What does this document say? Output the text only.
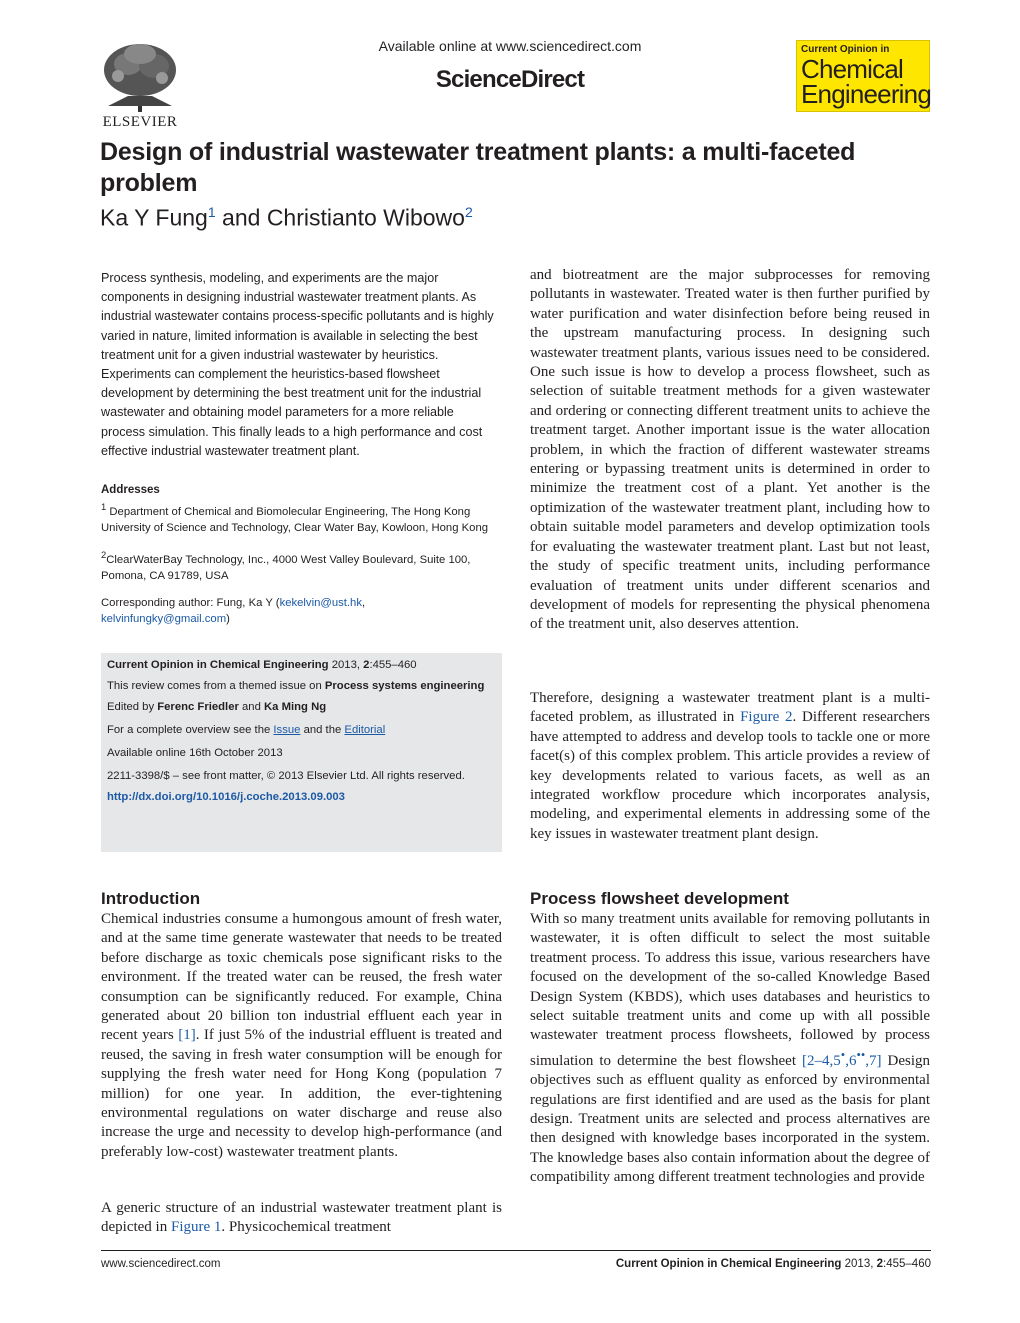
ELSEVIER
Available online at www.sciencedirect.com
ScienceDirect
Current Opinion in
Chemical
Engineering
Design of industrial wastewater treatment plants: a multi-faceted problem
Ka Y Fung$^1$ and Christianto Wibowo$^2$
Process synthesis, modeling, and experiments are the major components in designing industrial wastewater treatment plants. As industrial wastewater contains process-specific pollutants and is highly varied in nature, limited information is available in selecting the best treatment unit for a given industrial wastewater by heuristics. Experiments can complement the heuristics-based flowsheet development by determining the best treatment unit for the industrial wastewater and obtaining model parameters for a more reliable process simulation. This finally leads to a high performance and cost effective industrial wastewater treatment plant.
Addresses
$^1$ Department of Chemical and Biomolecular Engineering, The Hong Kong University of Science and Technology, Clear Water Bay, Kowloon, Hong Kong
$^2$ClearWaterBay Technology, Inc., 4000 West Valley Boulevard, Suite 100, Pomona, CA 91789, USA
Corresponding author: Fung, Ka Y (kekelvin@ust.hk,
kelvinfungky@gmail.com)
Current Opinion in Chemical Engineering 2013, 2:455–460
This review comes from a themed issue on Process systems engineering
Edited by Ferenc Friedler and Ka Ming Ng
For a complete overview see the Issue and the Editorial
Available online 16th October 2013
2211-3398/$ – see front matter, © 2013 Elsevier Ltd. All rights reserved.
http://dx.doi.org/10.1016/j.coche.2013.09.003

and biotreatment are the major subprocesses for removing pollutants in wastewater. Treated water is then further purified by water purification and water disinfection before being reused in the upstream manufacturing process. In designing such wastewater treatment plants, various issues need to be considered. One such issue is how to develop a process flowsheet, such as selection of suitable treatment methods for a given wastewater and ordering or connecting different treatment units to achieve the treatment target. Another important issue is the water allocation problem, in which the fraction of different wastewater streams entering or bypassing treatment units is determined in order to minimize the treatment cost of a plant. Yet another is the optimization of the wastewater treatment plant, including how to obtain suitable model parameters and develop optimization tools for evaluating the wastewater treatment plant. Last but not least, the study of specific treatment units, including performance evaluation of treatment units under different scenarios and development of models for representing the physical phenomena of the treatment unit, also deserves attention.

Therefore, designing a wastewater treatment plant is a multi-faceted problem, as illustrated in Figure 2. Different researchers have attempted to address and develop tools to tackle one or more facet(s) of this complex problem. This article provides a review of key developments related to various facets, as well as an integrated workflow procedure which incorporates analysis, modeling, and experimental elements in addressing some of the key issues in wastewater treatment plant design.

Introduction

Chemical industries consume a humongous amount of fresh water, and at the same time generate wastewater that needs to be treated before discharge as toxic chemicals pose significant risks to the environment. If the treated water can be reused, the fresh water consumption can be significantly reduced. For example, China generated about 20 billion ton industrial effluent each year in recent years [1]. If just 5% of the industrial effluent is treated and reused, the saving in fresh water consumption will be enough for supplying the fresh water need for Hong Kong (population 7 million) for one year. In addition, the ever-tightening environmental regulations on water discharge and reuse also increase the urge and necessity to develop high-performance (and preferably low-cost) wastewater treatment plants.

A generic structure of an industrial wastewater treatment plant is depicted in Figure 1. Physicochemical treatment

Process flowsheet development

With so many treatment units available for removing pollutants in wastewater, it is often difficult to select the most suitable treatment process. To address this issue, various researchers have focused on the development of the so-called Knowledge Based Design System (KBDS), which uses databases and heuristics to select suitable treatment units and come up with all possible wastewater treatment process flowsheets, followed by process simulation to determine the best flowsheet [2–4,5•,6••,7] Design objectives such as effluent quality as enforced by environmental regulations are first identified and are used as the basis for plant design. Treatment units are selected and process alternatives are then designed with knowledge bases incorporated in the system. The knowledge bases also contain information about the degree of compatibility among different treatment technologies and provide

www.sciencedirect.com	Current Opinion in Chemical Engineering 2013, 2:455–460
